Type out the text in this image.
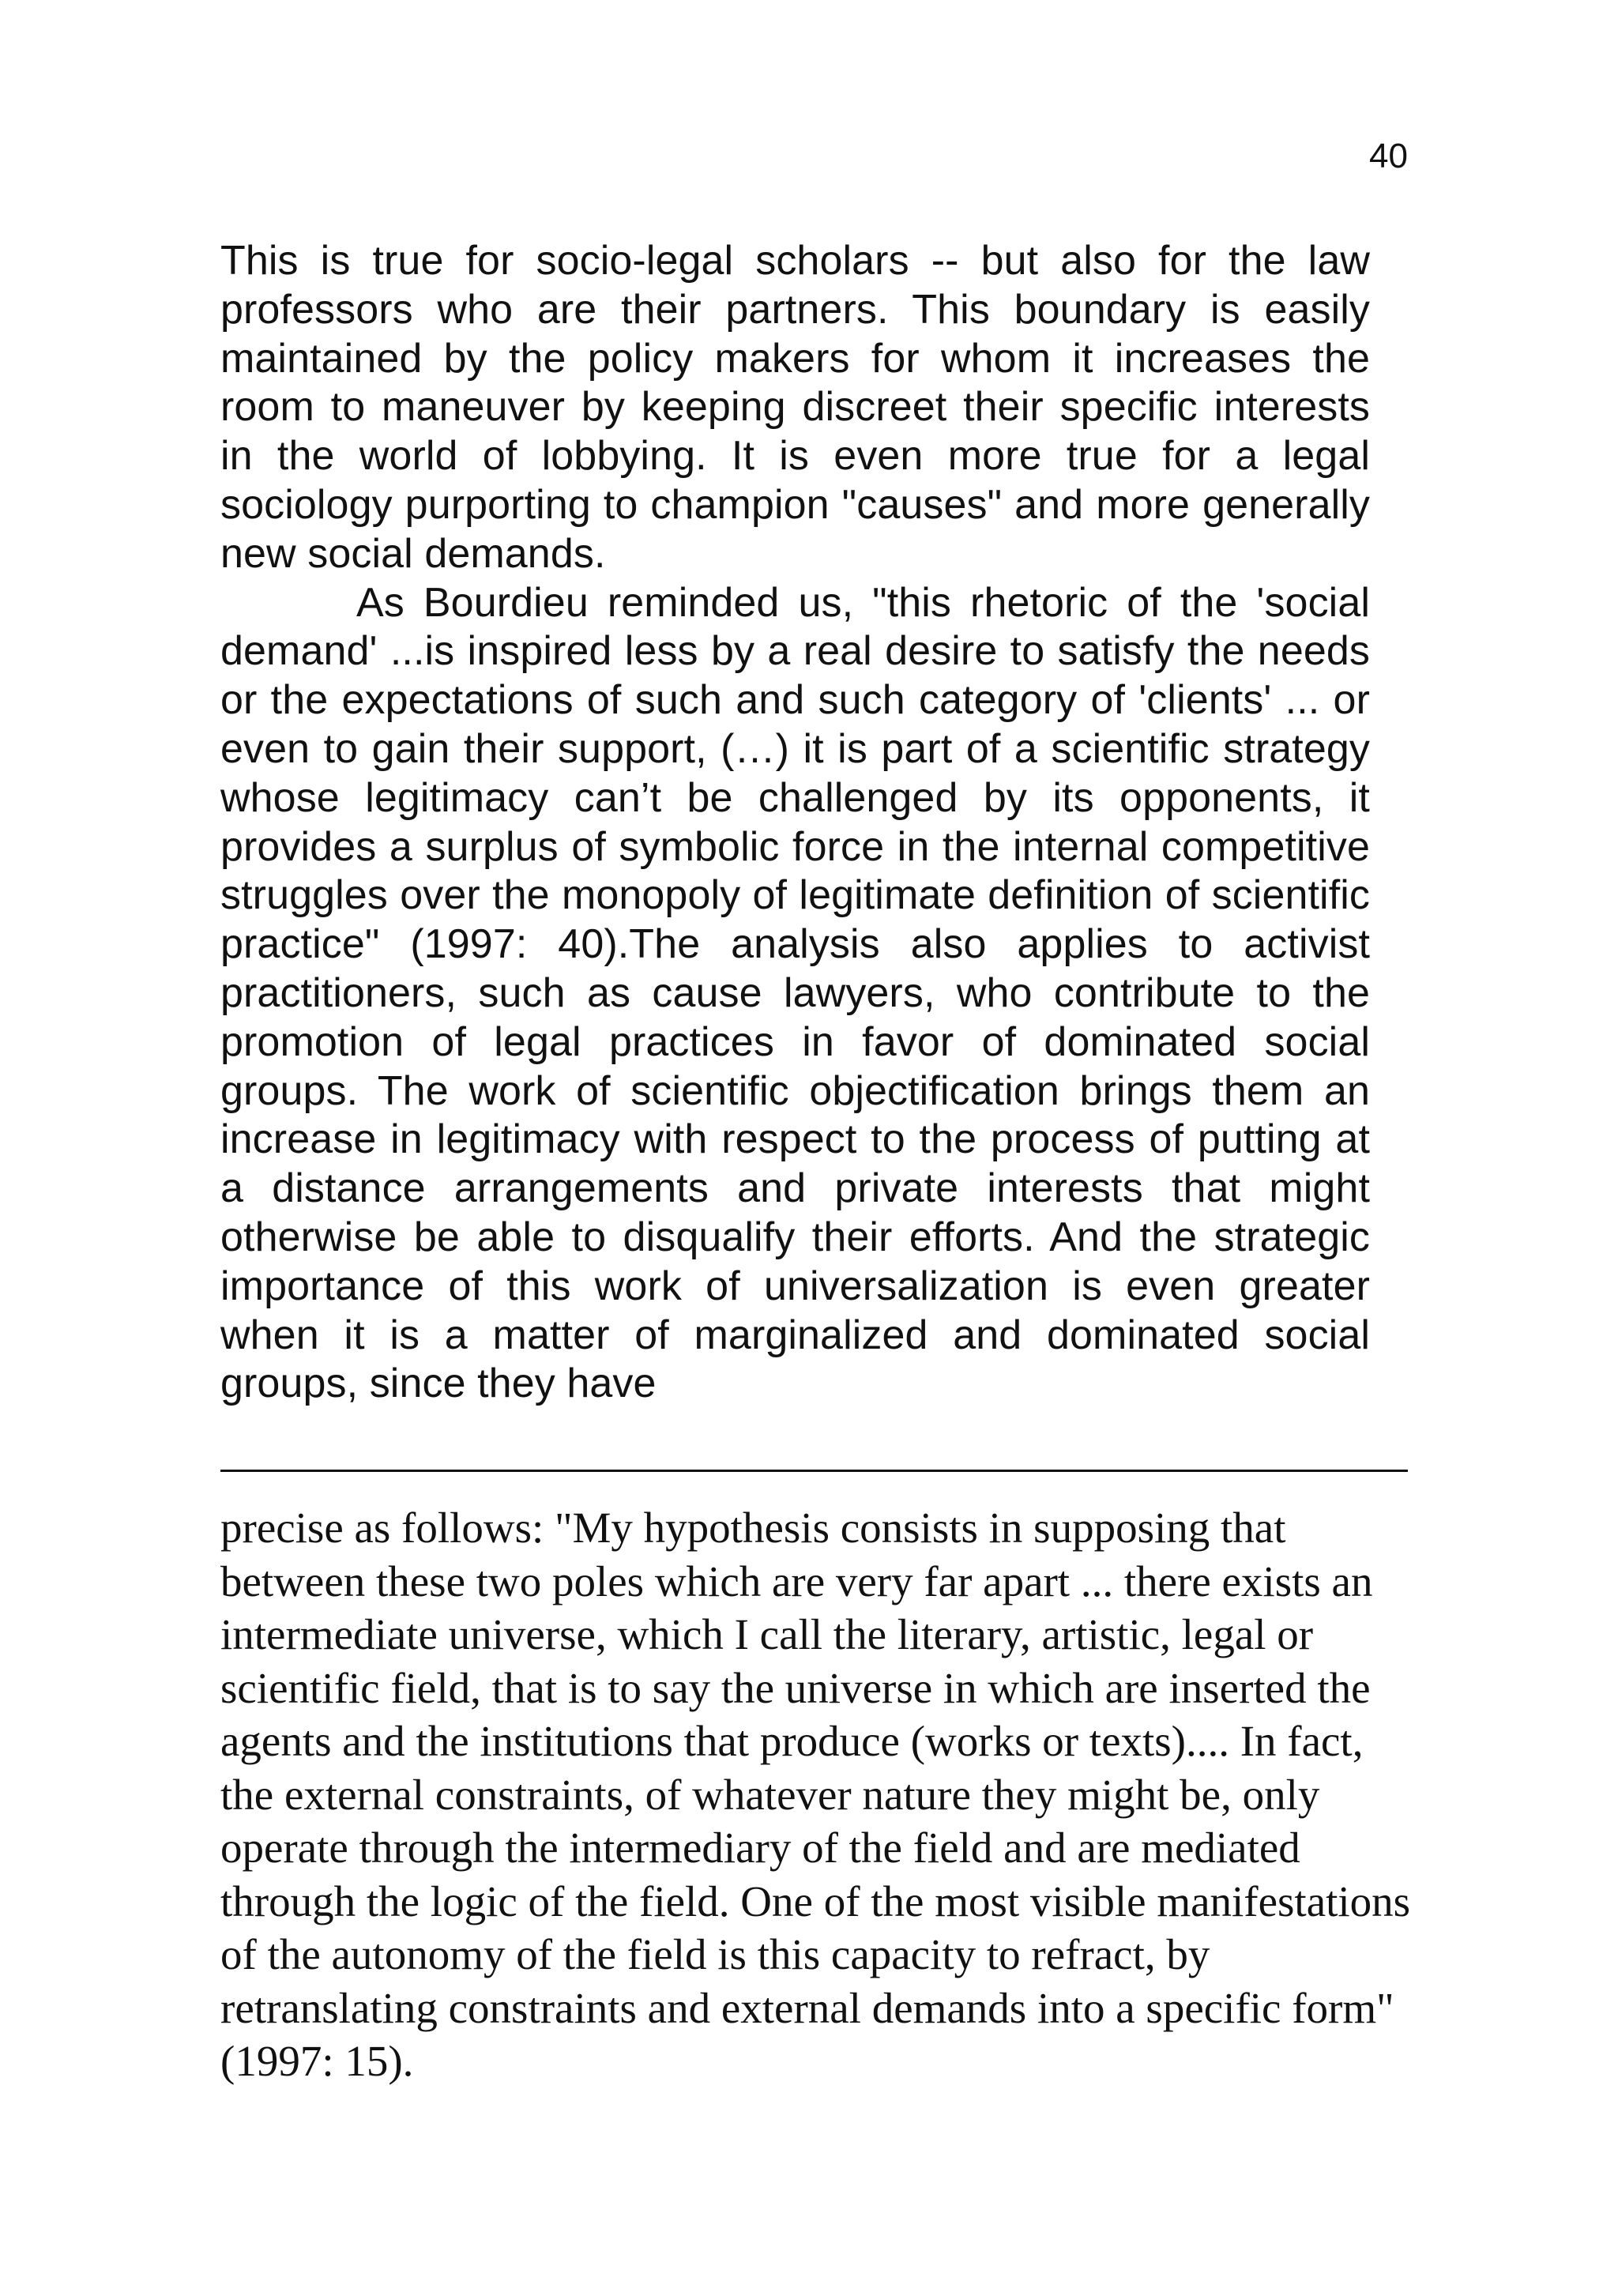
40

This is true for socio-legal scholars -- but also for the law professors who are their partners. This boundary is easily maintained by the policy makers for whom it increases the room to maneuver by keeping discreet their specific interests in the world of lobbying. It is even more true for a legal sociology purporting to champion "causes" and more generally new social demands.

As Bourdieu reminded us, "this rhetoric of the 'social demand' ...is inspired less by a real desire to satisfy the needs or the expectations of such and such category of 'clients' ... or even to gain their support, (…) it is part of a scientific strategy whose legitimacy can’t be challenged by its opponents, it provides a surplus of symbolic force in the internal competitive struggles over the monopoly of legitimate definition of scientific practice" (1997: 40).The analysis also applies to activist practitioners, such as cause lawyers, who contribute to the promotion of legal practices in favor of dominated social groups. The work of scientific objectification brings them an increase in legitimacy with respect to the process of putting at a distance arrangements and private interests that might otherwise be able to disqualify their efforts. And the strategic importance of this work of universalization is even greater when it is a matter of marginalized and dominated social groups, since they have

precise as follows: "My hypothesis consists in supposing that between these two poles which are very far apart ... there exists an intermediate universe, which I call the literary, artistic, legal or scientific field, that is to say the universe in which are inserted the agents and the institutions that produce (works or texts).... In fact, the external constraints, of whatever nature they might be, only operate through the intermediary of the field and are mediated through the logic of the field. One of the most visible manifestations of the autonomy of the field is this capacity to refract, by retranslating constraints and external demands into a specific form" (1997: 15).
